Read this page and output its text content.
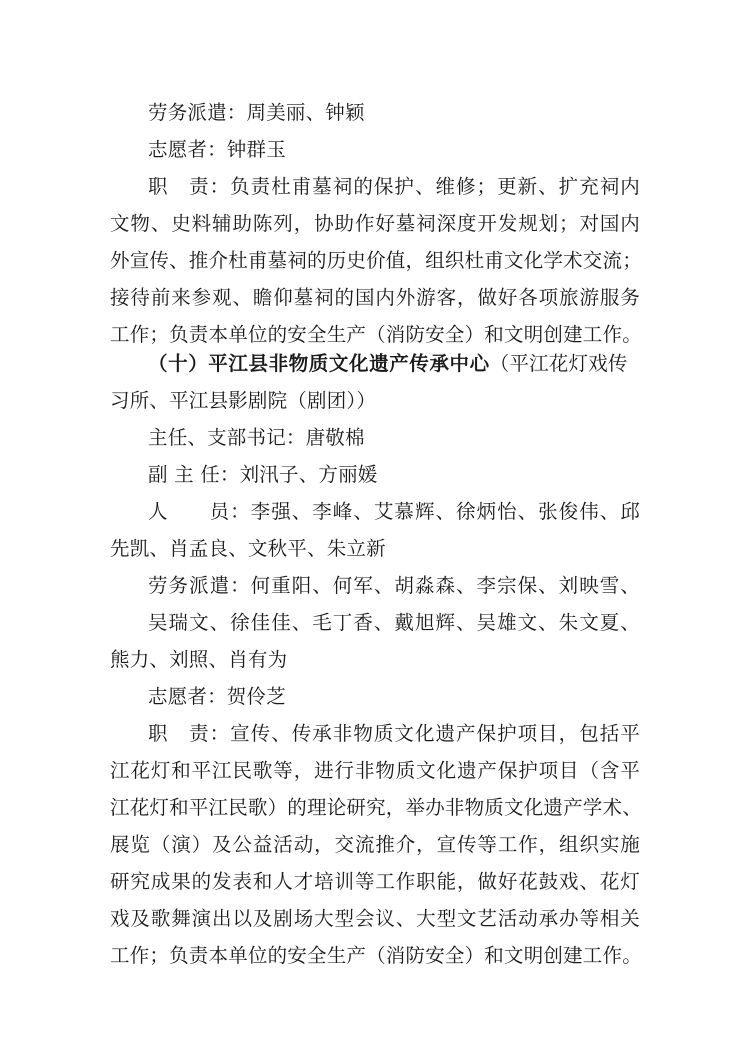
劳务派遣：周美丽、钟颖
志愿者：钟群玉
职　责：负责杜甫墓祠的保护、维修；更新、扩充祠内
文物、史料辅助陈列，协助作好墓祠深度开发规划；对国内
外宣传、推介杜甫墓祠的历史价值，组织杜甫文化学术交流；
接待前来参观、瞻仰墓祠的国内外游客，做好各项旅游服务
工作；负责本单位的安全生产（消防安全）和文明创建工作。
（十）平江县非物质文化遗产传承中心（平江花灯戏传
习所、平江县影剧院（剧团））
主任、支部书记：唐敬棉
副 主 任：刘汛子、方丽媛
人　　员：李强、李峰、艾慕辉、徐炳怡、张俊伟、邱
先凯、肖孟良、文秋平、朱立新
劳务派遣：何重阳、何军、胡淼森、李宗保、刘映雪、
吴瑞文、徐佳佳、毛丁香、戴旭辉、吴雄文、朱文夏、
熊力、刘照、肖有为
志愿者：贺伶芝
职　责：宣传、传承非物质文化遗产保护项目，包括平
江花灯和平江民歌等，进行非物质文化遗产保护项目（含平
江花灯和平江民歌）的理论研究，举办非物质文化遗产学术、
展览（演）及公益活动，交流推介，宣传等工作，组织实施
研究成果的发表和人才培训等工作职能，做好花鼓戏、花灯
戏及歌舞演出以及剧场大型会议、大型文艺活动承办等相关
工作；负责本单位的安全生产（消防安全）和文明创建工作。
